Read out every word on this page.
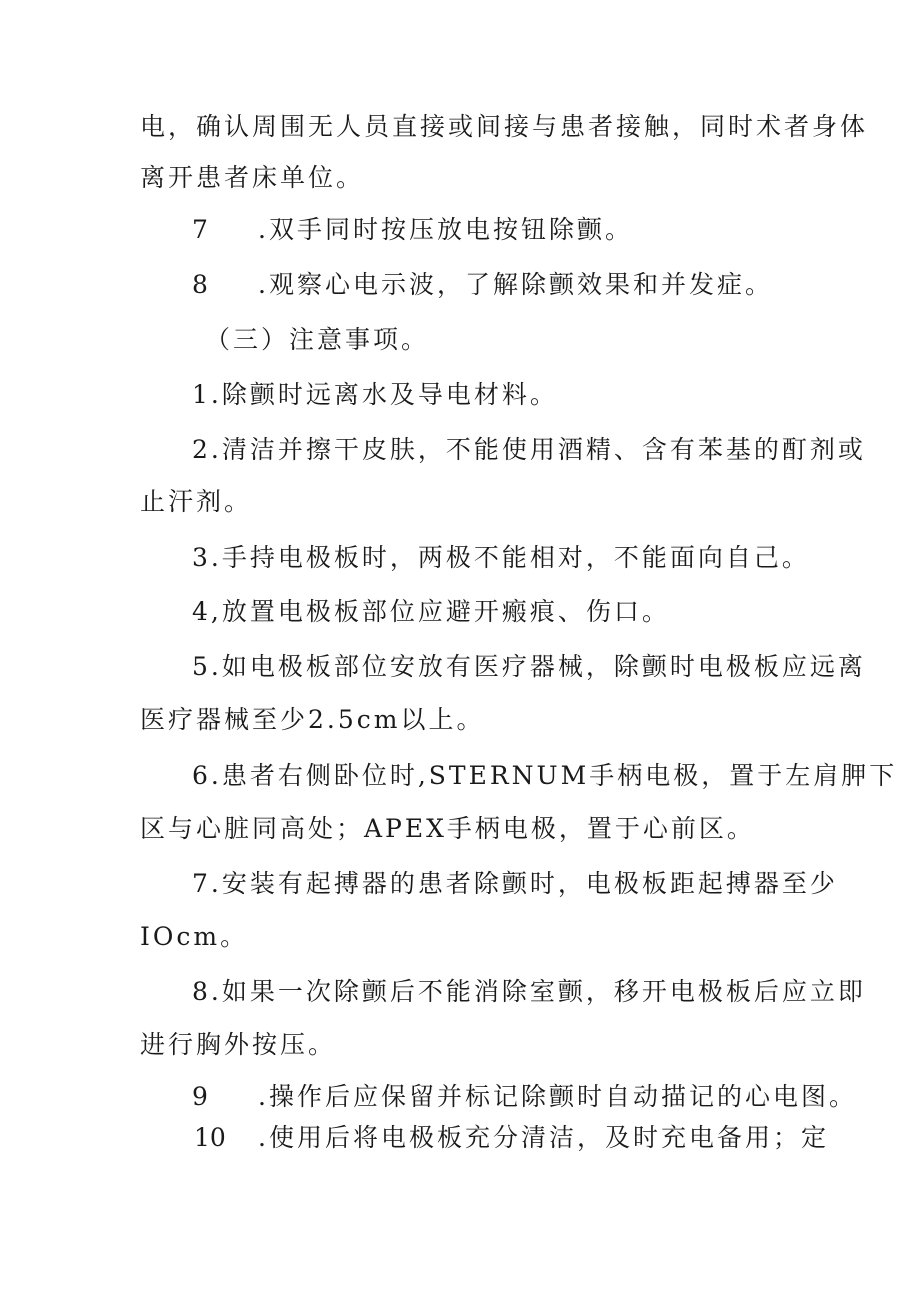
电，确认周围无人员直接或间接与患者接触，同时术者身体
离开患者床单位。
7 .双手同时按压放电按钮除颤。
8 .观察心电示波，了解除颤效果和并发症。
（三）注意事项。
1.除颤时远离水及导电材料。
2.清洁并擦干皮肤，不能使用酒精、含有苯基的酊剂或
止汗剂。
3.手持电极板时，两极不能相对，不能面向自己。
4,放置电极板部位应避开瘢痕、伤口。
5.如电极板部位安放有医疗器械，除颤时电极板应远离
医疗器械至少2.5cm以上。
6.患者右侧卧位时,STERNUM手柄电极，置于左肩胛下
区与心脏同高处；APEX手柄电极，置于心前区。
7.安装有起搏器的患者除颤时，电极板距起搏器至少
IOcm。
8.如果一次除颤后不能消除室颤，移开电极板后应立即
进行胸外按压。
9 .操作后应保留并标记除颤时自动描记的心电图。
10 .使用后将电极板充分清洁，及时充电备用；定
